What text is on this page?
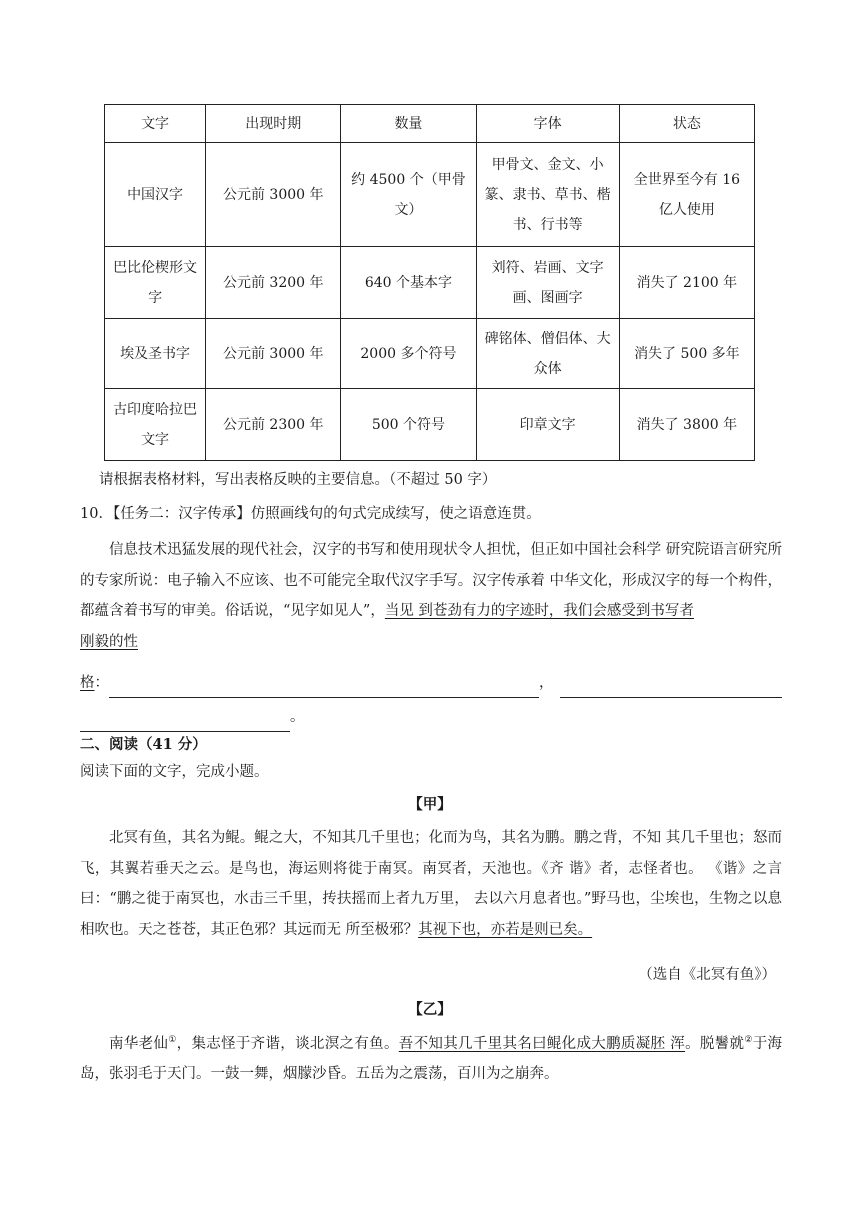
文字	出现时期	数量	字体	状态
中国汉字	公元前 3000 年	约 4500 个（甲骨文）	甲骨文、金文、小篆、隶书、草书、楷书、行书等	全世界至今有 16 亿人使用
巴比伦楔形文字	公元前 3200 年	640 个基本字	刘符、岩画、文字画、图画字	消失了 2100 年
埃及圣书字	公元前 3000 年	2000 多个符号	碑铭体、僧侣体、大众体	消失了 500 多年
古印度哈拉巴文字	公元前 2300 年	500 个符号	印章文字	消失了 3800 年
请根据表格材料，写出表格反映的主要信息。（不超过 50 字）
10．【任务二：汉字传承】仿照画线句的句式完成续写，使之语意连贯。
信息技术迅猛发展的现代社会，汉字的书写和使用现状令人担忧，但正如中国社会科学 研究院语言研究所的专家所说：电子输入不应该、也不可能完全取代汉字手写。汉字传承着 中华文化，形成汉字的每一个构件，都蕴含着书写的审美。俗话说，“见字如见人”，当见 到苍劲有力的字迹时，我们会感受到书写者
刚毅的性
格：	，
。
二、阅读（41 分）
阅读下面的文字，完成小题。
【甲】
北冥有鱼，其名为鲲。鲲之大，不知其几千里也；化而为鸟，其名为鹏。鹏之背，不知 其几千里也；怒而飞，其翼若垂天之云。是鸟也，海运则将徙于南冥。南冥者，天池也。《齐 谐》者，志怪者也。 《谐》之言曰：“鹏之徙于南冥也，水击三千里，抟扶摇而上者九万里， 去以六月息者也。”野马也，尘埃也，生物之以息相吹也。天之苍苍，其正色邪？其远而无 所至极邪？其视下也，亦若是则已矣。
（选自《北冥有鱼》）
【乙】
南华老仙①，集志怪于齐谐，谈北溟之有鱼。吾不知其几千里其名曰鲲化成大鹏质凝胚 浑。脱鬐就②于海岛，张羽毛于天门。一鼓一舞，烟朦沙昏。五岳为之震荡，百川为之崩奔。
